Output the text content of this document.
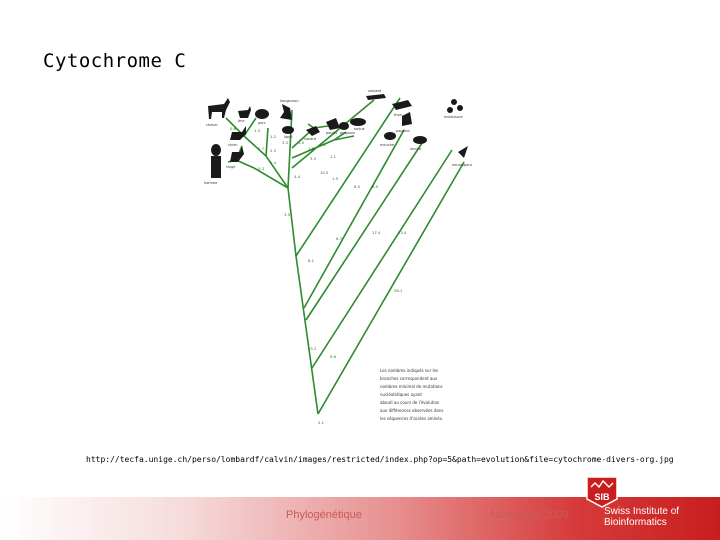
Cytochrome C
cheval
âne	porc
kangourou
singe
homme
chien
lapin	canard
poulet pingouin
tortue
serpent
thon
papillon
mouche
levure
moisissure
neurospora
0.6	1.3
1.2
3.3	1.0
1.7 2.3	1.6
2.1
1.4
0.3
3.3	1.1
4.4	1.5
10.5
8.5	6.9
3.5
17.4	23.4
6.7
6.1
26.1
15.2
9.6
2.1
Les nombres indiqués sur les
branches correspondent aux
nombres minimal de mutations
nucléotidiques ayant
abouti au cours de l'évolution
aux différences observées dans
les séquences d'acides aminés.
http://tecfa.unige.ch/perso/lombardf/calvin/images/restricted/index.php?op=5&path=evolution&file=cytochrome-divers-org.jpg
Phylogénétique	Novembre 2009
SIB
Swiss Institute of
Bioinformatics
